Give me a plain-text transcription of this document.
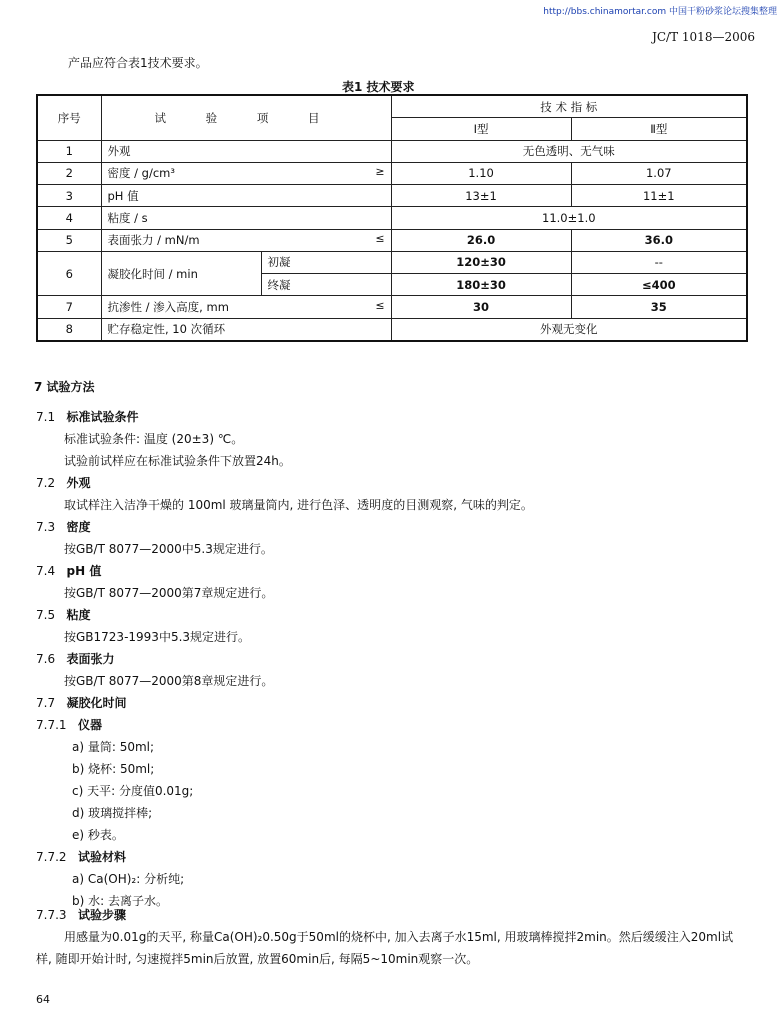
http://bbs.chinamortar.com 中国干粉砂浆论坛搜集整理
JC/T 1018—2006
产品应符合表1技术要求。
表1 技术要求
序号	试 验 项 目		技 术 指 标	
			Ⅰ型	Ⅱ型
1	外观		无色透明、无气味	
2	密度 / g/cm³ ≥		1.10	1.07
3	pH 值		13±1	11±1
4	粘度 / s		11.0±1.0	
5	表面张力 / mN/m ≤		26.0	36.0
6	凝胶化时间 / min	初凝	120±30	--
		终凝	180±30	≤400
7	抗渗性 / 渗入高度, mm ≤		30	35
8	贮存稳定性, 10 次循环		外观无变化	
7 试验方法
7.1 标准试验条件
标准试验条件: 温度 (20±3) ℃。
试验前试样应在标准试验条件下放置24h。
7.2 外观
取试样注入洁净干燥的 100ml 玻璃量筒内, 进行色泽、透明度的目测观察, 气味的判定。
7.3 密度
按GB/T 8077—2000中5.3规定进行。
7.4 pH 值
按GB/T 8077—2000第7章规定进行。
7.5 粘度
按GB1723-1993中5.3规定进行。
7.6 表面张力
按GB/T 8077—2000第8章规定进行。
7.7 凝胶化时间
7.7.1 仪器
a) 量筒: 50ml;
b) 烧杯: 50ml;
c) 天平: 分度值0.01g;
d) 玻璃搅拌棒;
e) 秒表。
7.7.2 试验材料
a) Ca(OH)₂: 分析纯;
b) 水: 去离子水。
7.7.3 试验步骤
用感量为0.01g的天平, 称量Ca(OH)₂0.50g于50ml的烧杯中, 加入去离子水15ml, 用玻璃棒搅拌2min。然后缓缓注入20ml试样, 随即开始计时, 匀速搅拌5min后放置, 放置60min后, 每隔5~10min观察一次。
64
